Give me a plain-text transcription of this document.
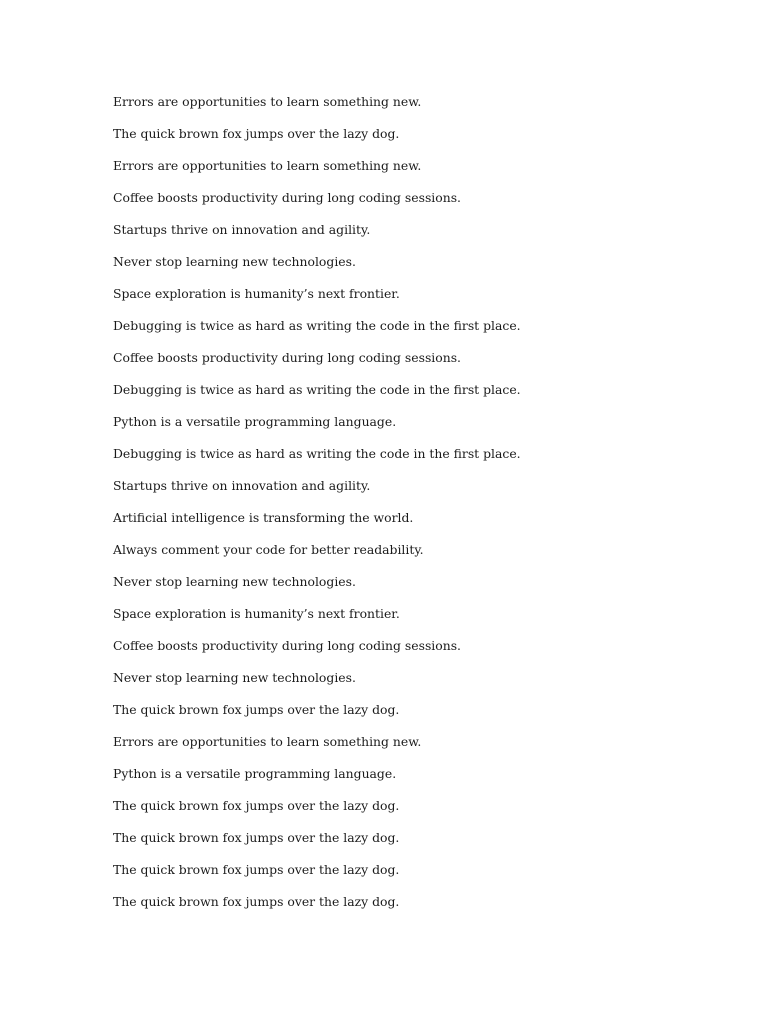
Errors are opportunities to learn something new.

The quick brown fox jumps over the lazy dog.

Errors are opportunities to learn something new.

Coffee boosts productivity during long coding sessions.

Startups thrive on innovation and agility.

Never stop learning new technologies.

Space exploration is humanity’s next frontier.

Debugging is twice as hard as writing the code in the first place.

Coffee boosts productivity during long coding sessions.

Debugging is twice as hard as writing the code in the first place.

Python is a versatile programming language.

Debugging is twice as hard as writing the code in the first place.

Startups thrive on innovation and agility.

Artificial intelligence is transforming the world.

Always comment your code for better readability.

Never stop learning new technologies.

Space exploration is humanity’s next frontier.

Coffee boosts productivity during long coding sessions.

Never stop learning new technologies.

The quick brown fox jumps over the lazy dog.

Errors are opportunities to learn something new.

Python is a versatile programming language.

The quick brown fox jumps over the lazy dog.

The quick brown fox jumps over the lazy dog.

The quick brown fox jumps over the lazy dog.

The quick brown fox jumps over the lazy dog.
